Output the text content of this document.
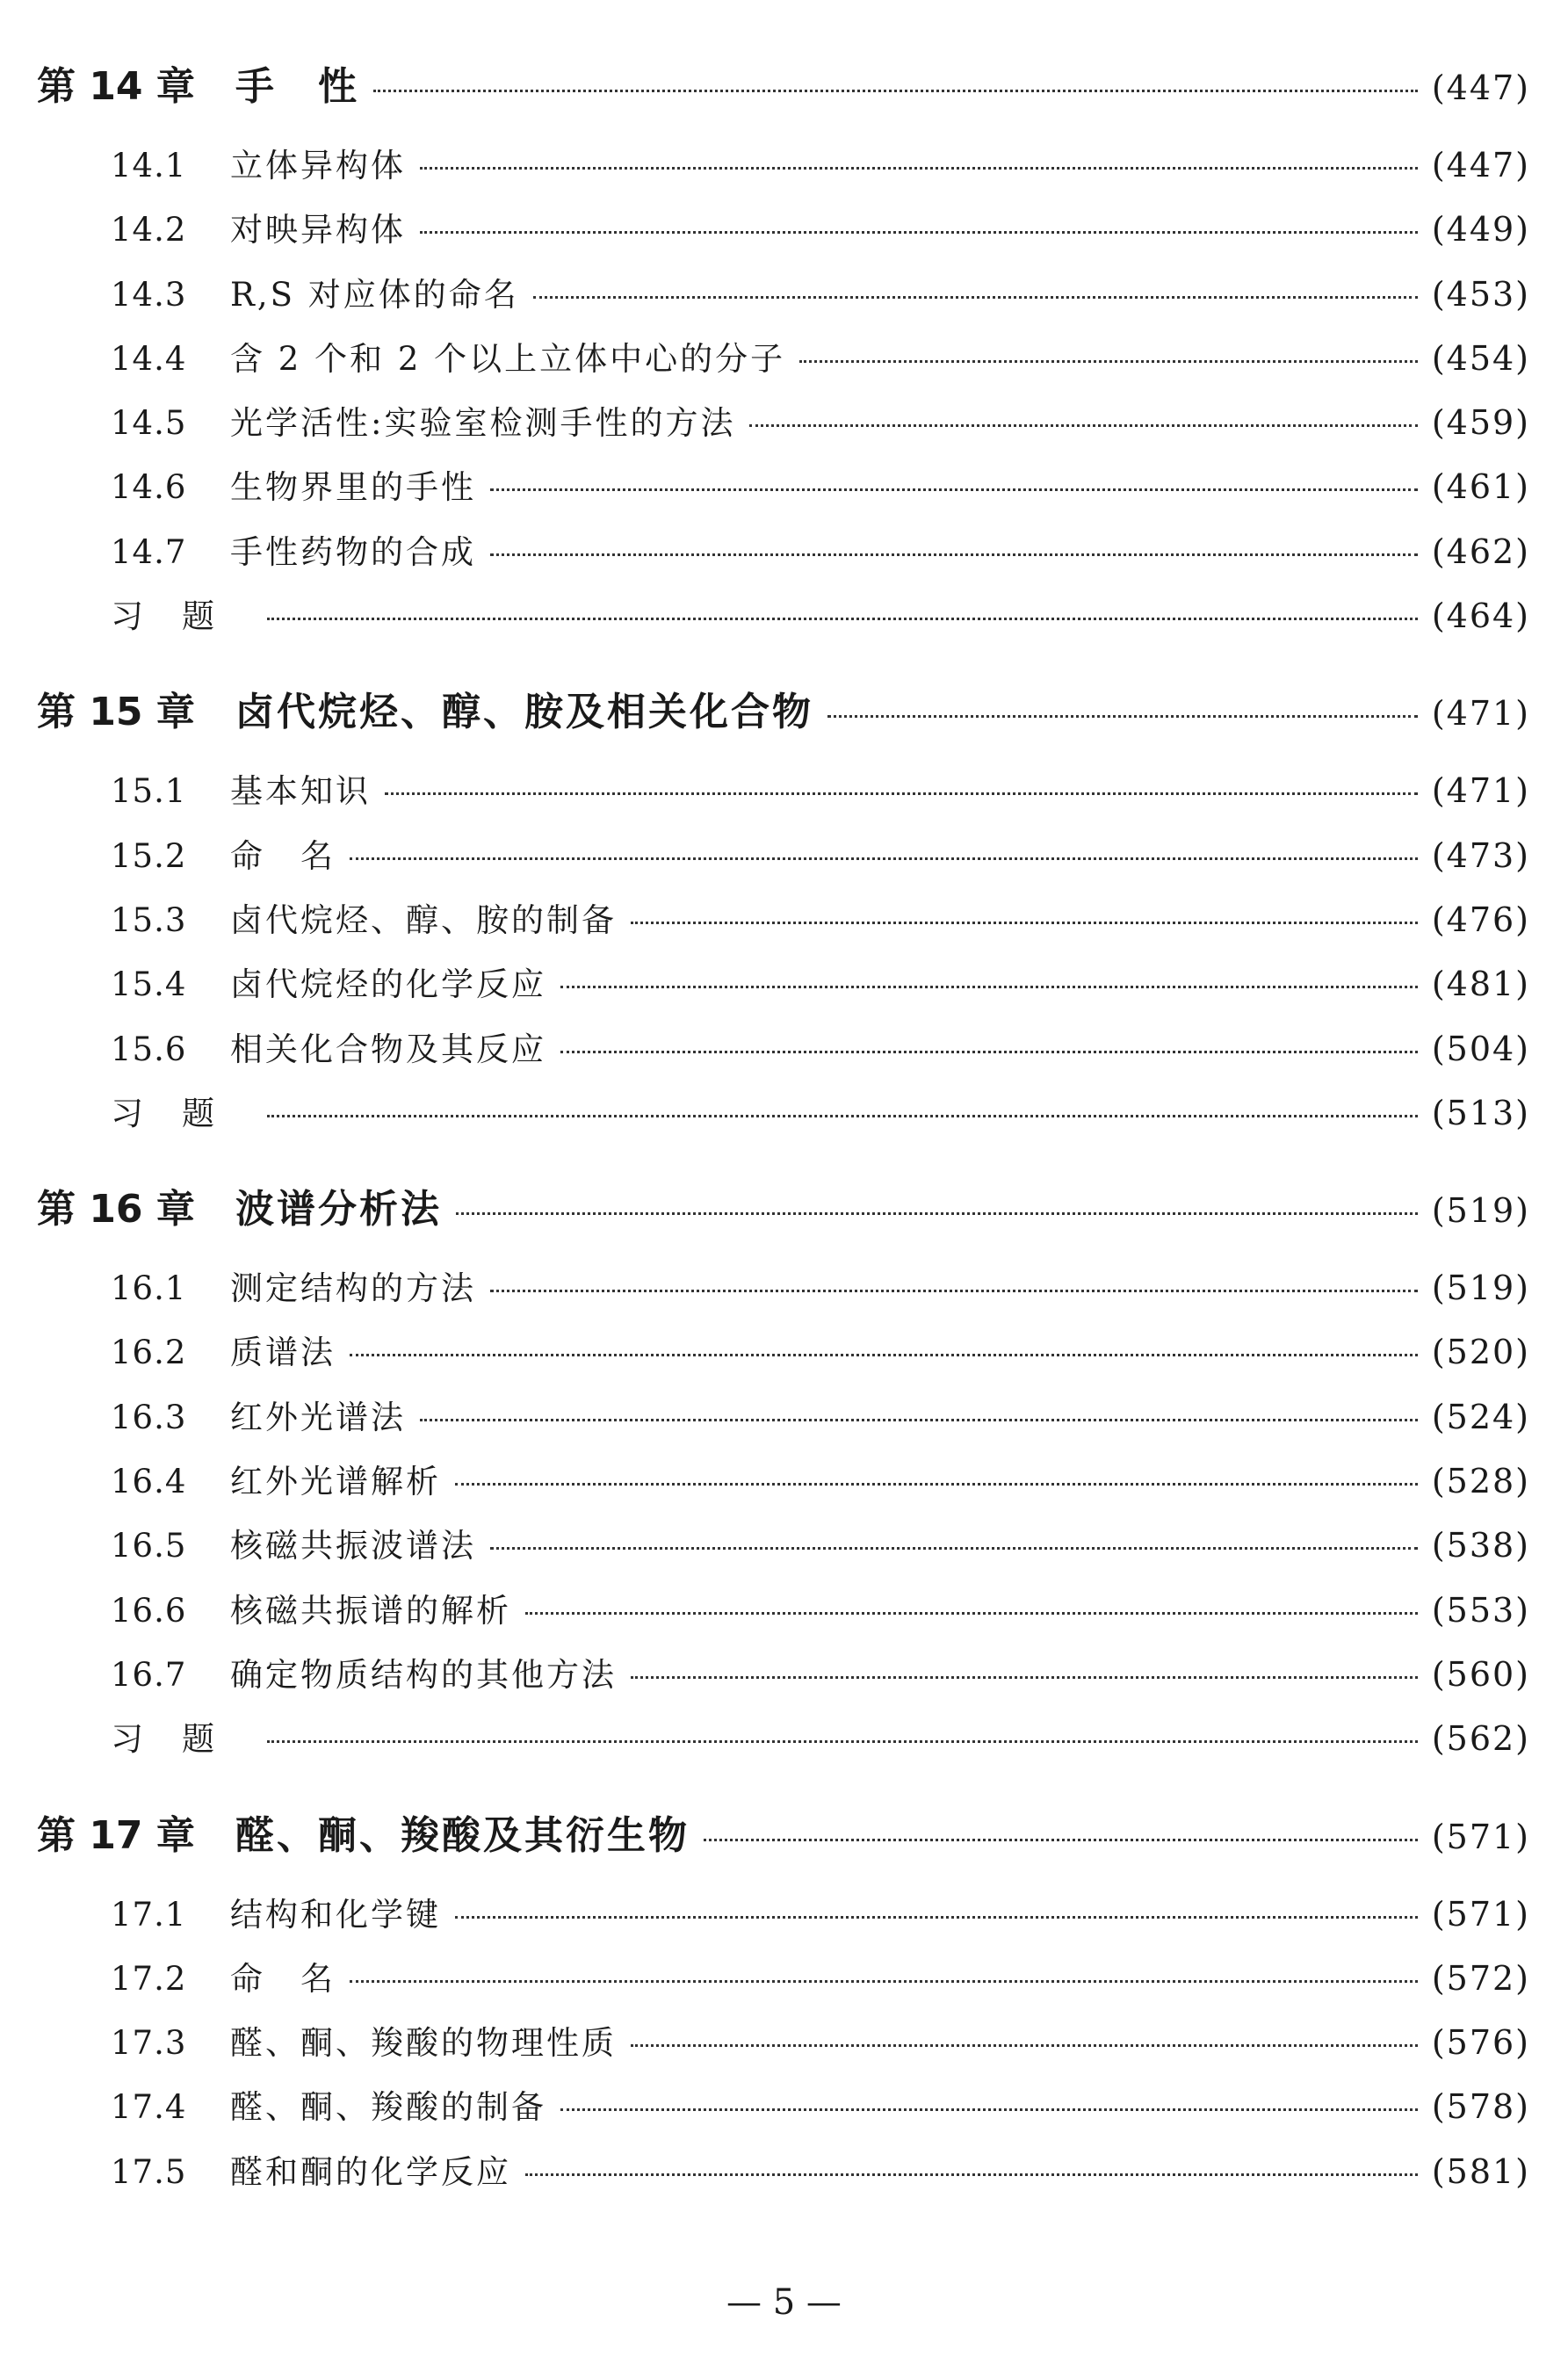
第 14 章	手　性	(447)
14.1	立体异构体	(447)
14.2	对映异构体	(449)
14.3	R,S 对应体的命名	(453)
14.4	含 2 个和 2 个以上立体中心的分子	(454)
14.5	光学活性:实验室检测手性的方法	(459)
14.6	生物界里的手性	(461)
14.7	手性药物的合成	(462)
习题	(464)
第 15 章	卤代烷烃、醇、胺及相关化合物	(471)
15.1	基本知识	(471)
15.2	命　名	(473)
15.3	卤代烷烃、醇、胺的制备	(476)
15.4	卤代烷烃的化学反应	(481)
15.6	相关化合物及其反应	(504)
习题	(513)
第 16 章	波谱分析法	(519)
16.1	测定结构的方法	(519)
16.2	质谱法	(520)
16.3	红外光谱法	(524)
16.4	红外光谱解析	(528)
16.5	核磁共振波谱法	(538)
16.6	核磁共振谱的解析	(553)
16.7	确定物质结构的其他方法	(560)
习题	(562)
第 17 章	醛、酮、羧酸及其衍生物	(571)
17.1	结构和化学键	(571)
17.2	命　名	(572)
17.3	醛、酮、羧酸的物理性质	(576)
17.4	醛、酮、羧酸的制备	(578)
17.5	醛和酮的化学反应	(581)
— 5 —
